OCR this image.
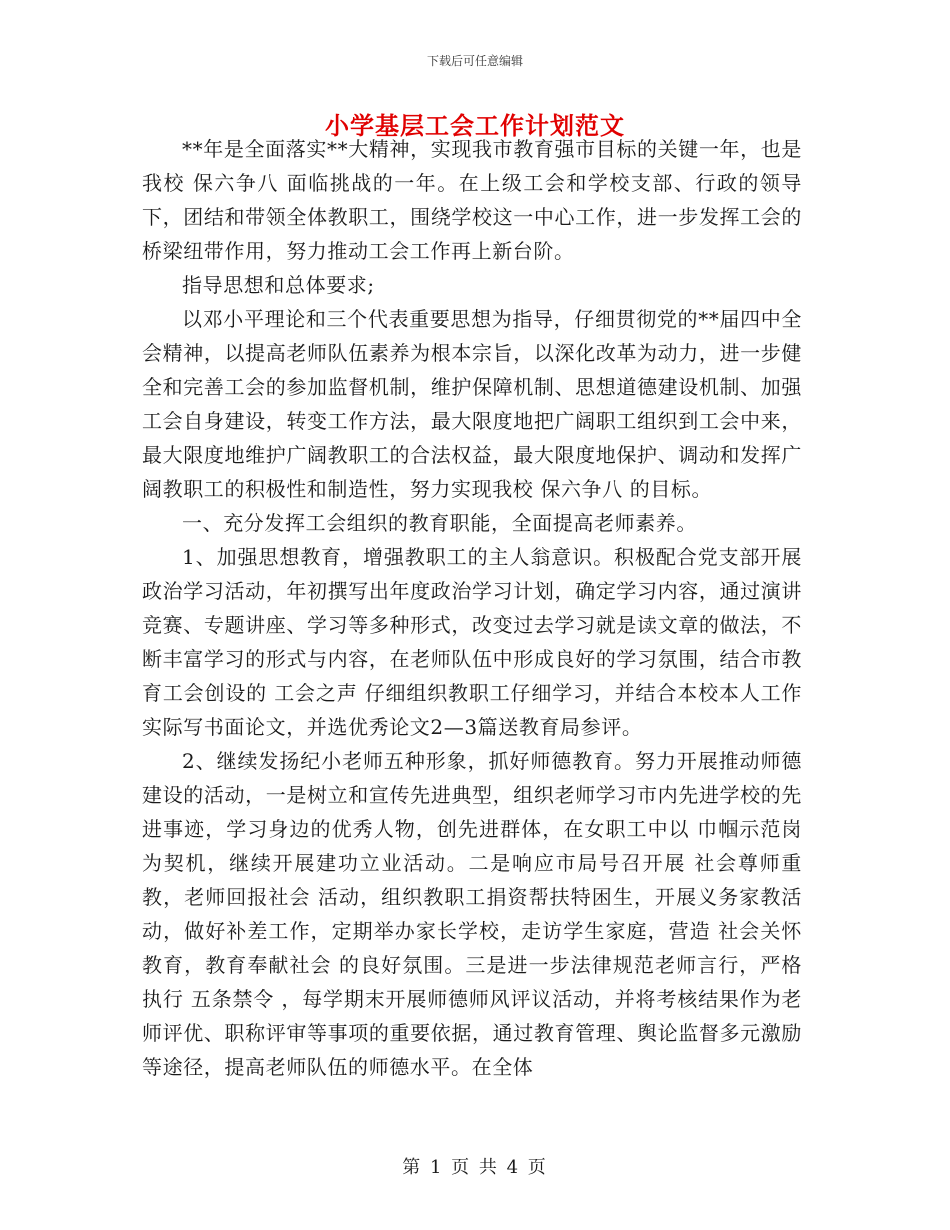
下载后可任意编辑
小学基层工会工作计划范文

**年是全面落实**大精神，实现我市教育强市目标的关键一年，也是我校 保六争八 面临挑战的一年。在上级工会和学校支部、行政的领导下，团结和带领全体教职工，围绕学校这一中心工作，进一步发挥工会的桥梁纽带作用，努力推动工会工作再上新台阶。

指导思想和总体要求;

以邓小平理论和三个代表重要思想为指导，仔细贯彻党的**届四中全会精神，以提高老师队伍素养为根本宗旨，以深化改革为动力，进一步健全和完善工会的参加监督机制，维护保障机制、思想道德建设机制、加强工会自身建设，转变工作方法，最大限度地把广阔职工组织到工会中来，最大限度地维护广阔教职工的合法权益，最大限度地保护、调动和发挥广阔教职工的积极性和制造性，努力实现我校 保六争八 的目标。

一、充分发挥工会组织的教育职能，全面提高老师素养。

1、加强思想教育，增强教职工的主人翁意识。积极配合党支部开展政治学习活动，年初撰写出年度政治学习计划，确定学习内容，通过演讲竞赛、专题讲座、学习等多种形式，改变过去学习就是读文章的做法，不断丰富学习的形式与内容，在老师队伍中形成良好的学习氛围，结合市教育工会创设的 工会之声 仔细组织教职工仔细学习，并结合本校本人工作实际写书面论文，并选优秀论文2—3篇送教育局参评。

2、继续发扬纪小老师五种形象，抓好师德教育。努力开展推动师德建设的活动，一是树立和宣传先进典型，组织老师学习市内先进学校的先进事迹，学习身边的优秀人物，创先进群体，在女职工中以 巾帼示范岗 为契机，继续开展建功立业活动。二是响应市局号召开展 社会尊师重教，老师回报社会 活动，组织教职工捐资帮扶特困生，开展义务家教活动，做好补差工作，定期举办家长学校，走访学生家庭，营造 社会关怀教育，教育奉献社会 的良好氛围。三是进一步法律规范老师言行，严格执行 五条禁令 ，每学期末开展师德师风评议活动，并将考核结果作为老师评优、职称评审等事项的重要依据，通过教育管理、舆论监督多元激励等途径，提高老师队伍的师德水平。在全体

第 1 页 共 4 页
